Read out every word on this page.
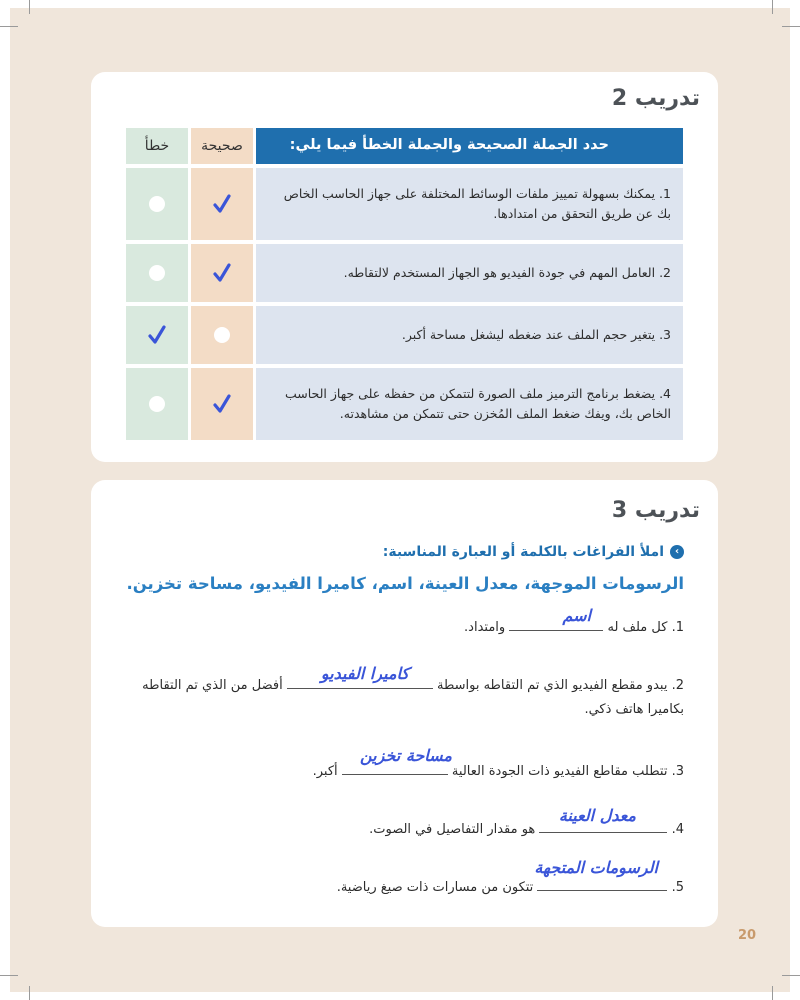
تدريب 2
حدد الجملة الصحيحة والجملة الخطأ فيما يلي:
صحيحة
خطأ
1. يمكنك بسهولة تمييز ملفات الوسائط المختلفة على جهاز الحاسب الخاص بك عن طريق التحقق من امتدادها.
2. العامل المهم في جودة الفيديو هو الجهاز المستخدم لالتقاطه.
3. يتغير حجم الملف عند ضغطه ليشغل مساحة أكبر.
4. يضغط برنامج الترميز ملف الصورة لتتمكن من حفظه على جهاز الحاسب الخاص بك، ويفك ضغط الملف المُخزن حتى تتمكن من مشاهدته.
تدريب 3
›املأ الفراغات بالكلمة أو العبارة المناسبة:
الرسومات الموجهة، معدل العينة، اسم، كاميرا الفيديو، مساحة تخزين.
1. كل ملف له  وامتداد.
اسم
2. يبدو مقطع الفيديو الذي تم التقاطه بواسطة  أفضل من الذي تم التقاطه
بكاميرا هاتف ذكي.
كاميرا الفيديو
3. تتطلب مقاطع الفيديو ذات الجودة العالية  أكبر.
مساحة تخزين
4.  هو مقدار التفاصيل في الصوت.
معدل العينة
5.  تتكون من مسارات ذات صيغ رياضية.
الرسومات المتجهة
20
